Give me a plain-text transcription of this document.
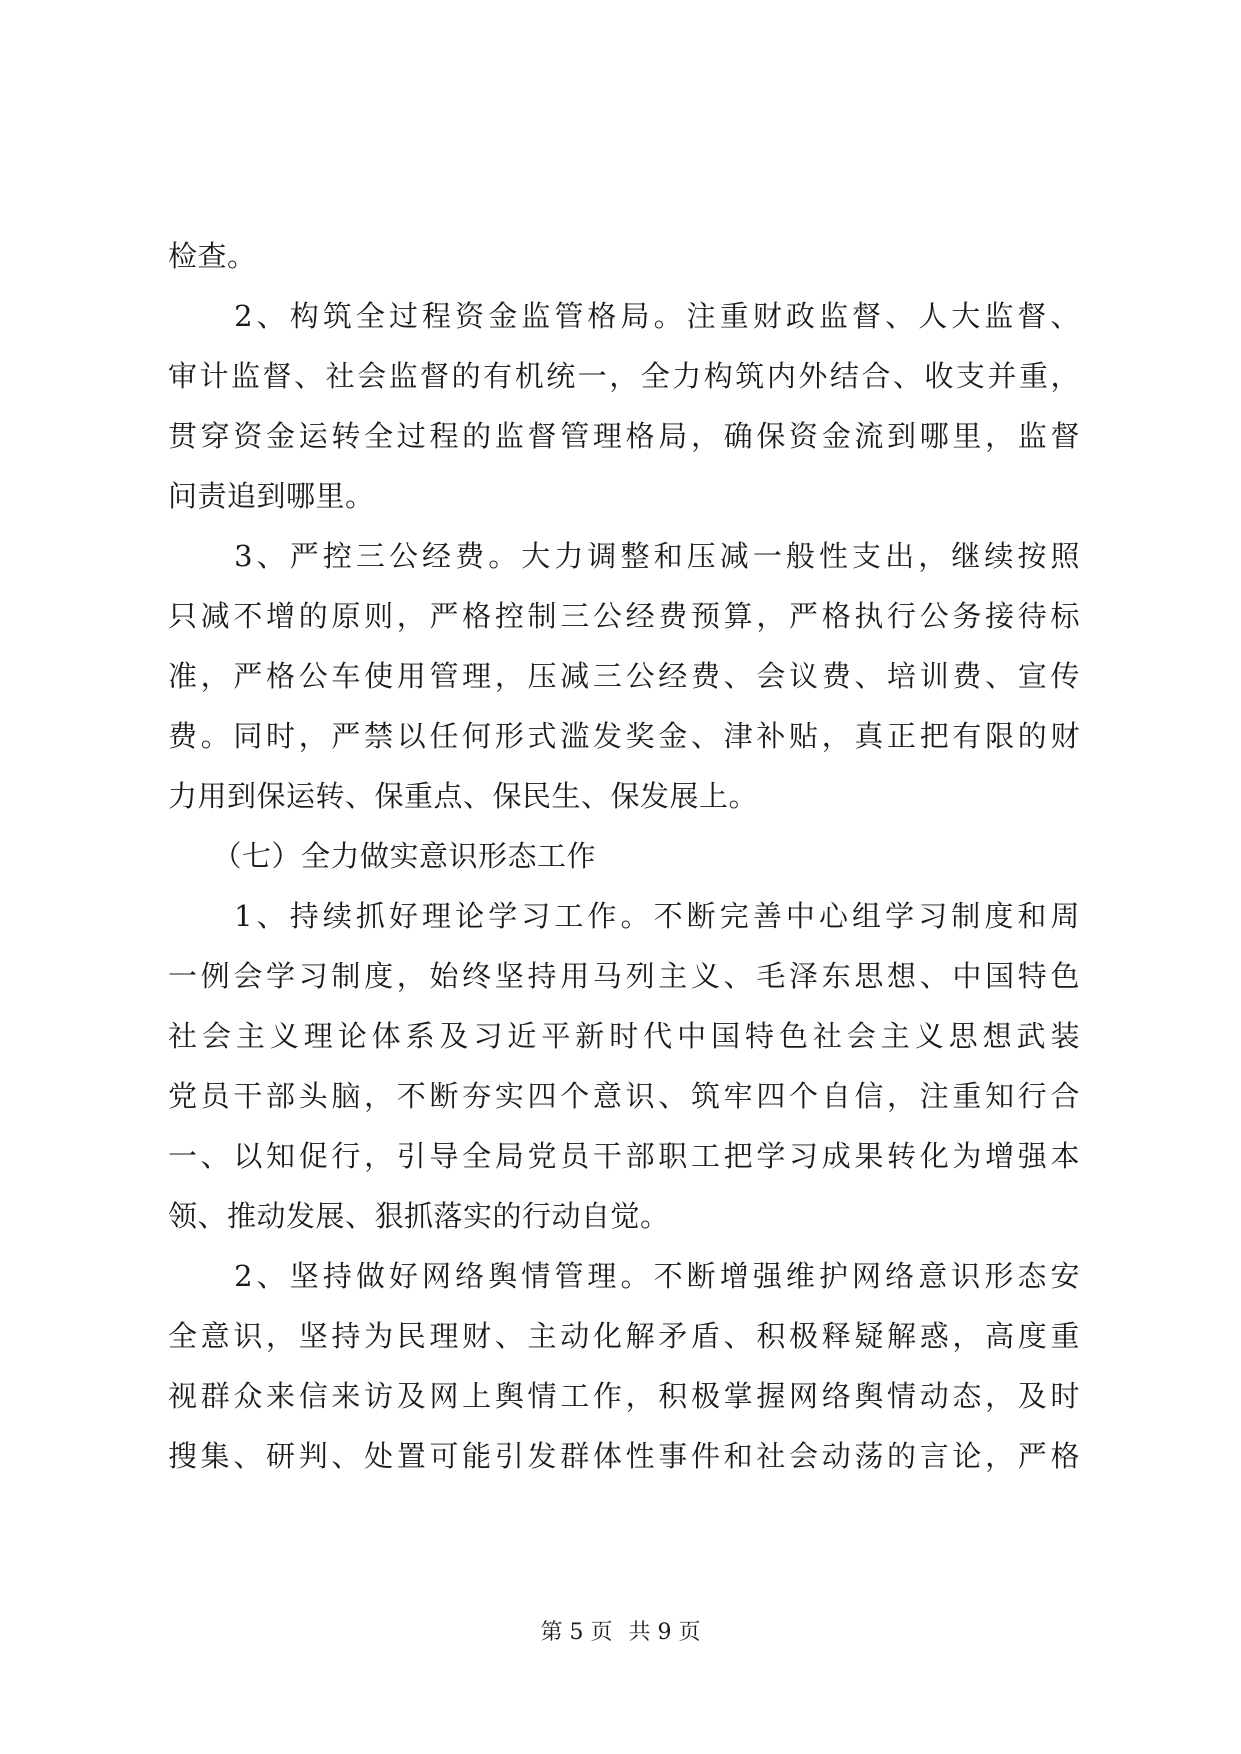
检查。
　　2、构筑全过程资金监管格局。注重财政监督、人大监督、
审计监督、社会监督的有机统一，全力构筑内外结合、收支并重，
贯穿资金运转全过程的监督管理格局，确保资金流到哪里，监督
问责追到哪里。
　　3、严控三公经费。大力调整和压减一般性支出，继续按照
只减不增的原则，严格控制三公经费预算，严格执行公务接待标
准，严格公车使用管理，压减三公经费、会议费、培训费、宣传
费。同时，严禁以任何形式滥发奖金、津补贴，真正把有限的财
力用到保运转、保重点、保民生、保发展上。
　　（七）全力做实意识形态工作
　　1、持续抓好理论学习工作。不断完善中心组学习制度和周
一例会学习制度，始终坚持用马列主义、毛泽东思想、中国特色
社会主义理论体系及习近平新时代中国特色社会主义思想武装
党员干部头脑，不断夯实四个意识、筑牢四个自信，注重知行合
一、以知促行，引导全局党员干部职工把学习成果转化为增强本
领、推动发展、狠抓落实的行动自觉。
　　2、坚持做好网络舆情管理。不断增强维护网络意识形态安
全意识，坚持为民理财、主动化解矛盾、积极释疑解惑，高度重
视群众来信来访及网上舆情工作，积极掌握网络舆情动态，及时
搜集、研判、处置可能引发群体性事件和社会动荡的言论，严格
第 5 页 共 9 页
